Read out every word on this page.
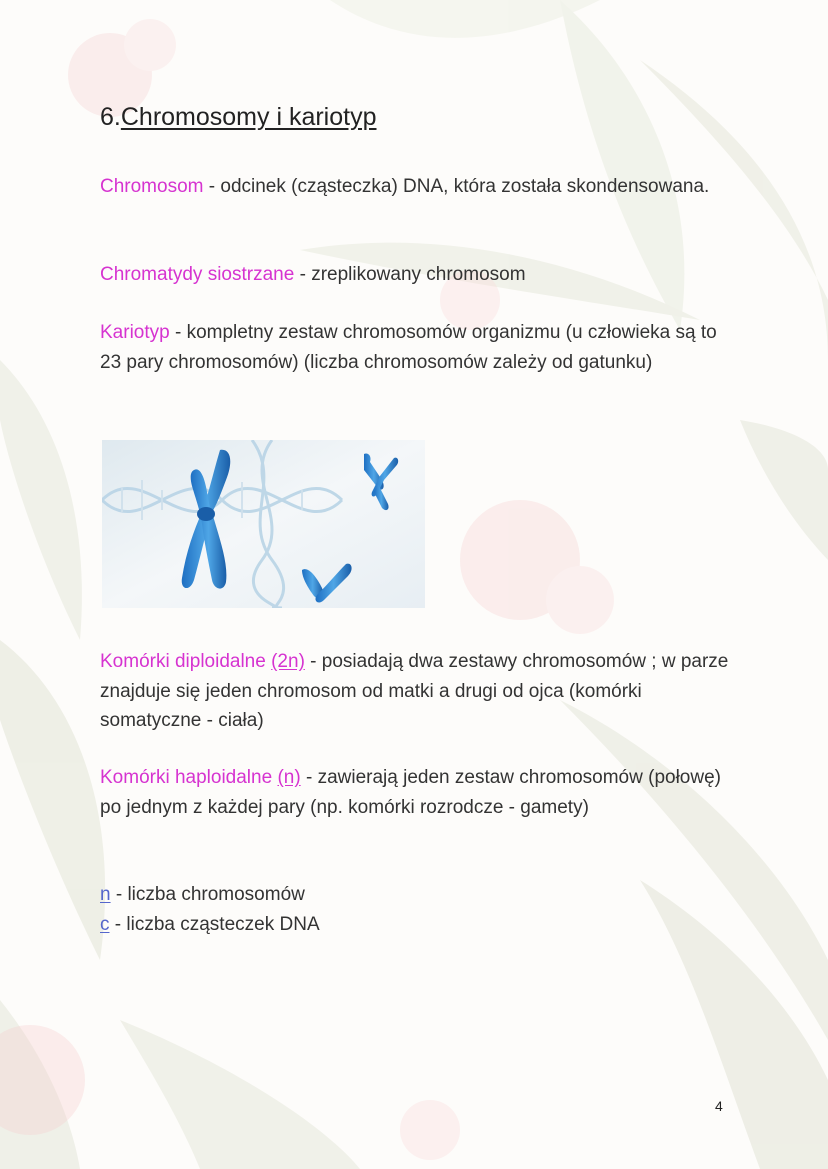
6.Chromosomy i kariotyp

Chromosom - odcinek (cząsteczka) DNA, która została skondensowana.

Chromatydy siostrzane - zreplikowany chromosom

Kariotyp - kompletny zestaw chromosomów organizmu (u człowieka są to 23 pary chromosomów) (liczba chromosomów zależy od gatunku)

Komórki diploidalne (2n) - posiadają dwa zestawy chromosomów ; w parze znajduje się jeden chromosom od matki a drugi od ojca (komórki somatyczne - ciała)

Komórki haploidalne (n) - zawierają jeden zestaw chromosomów (połowę) po jednym z każdej pary (np. komórki rozrodcze - gamety)

n - liczba chromosomów
c - liczba cząsteczek DNA

4
